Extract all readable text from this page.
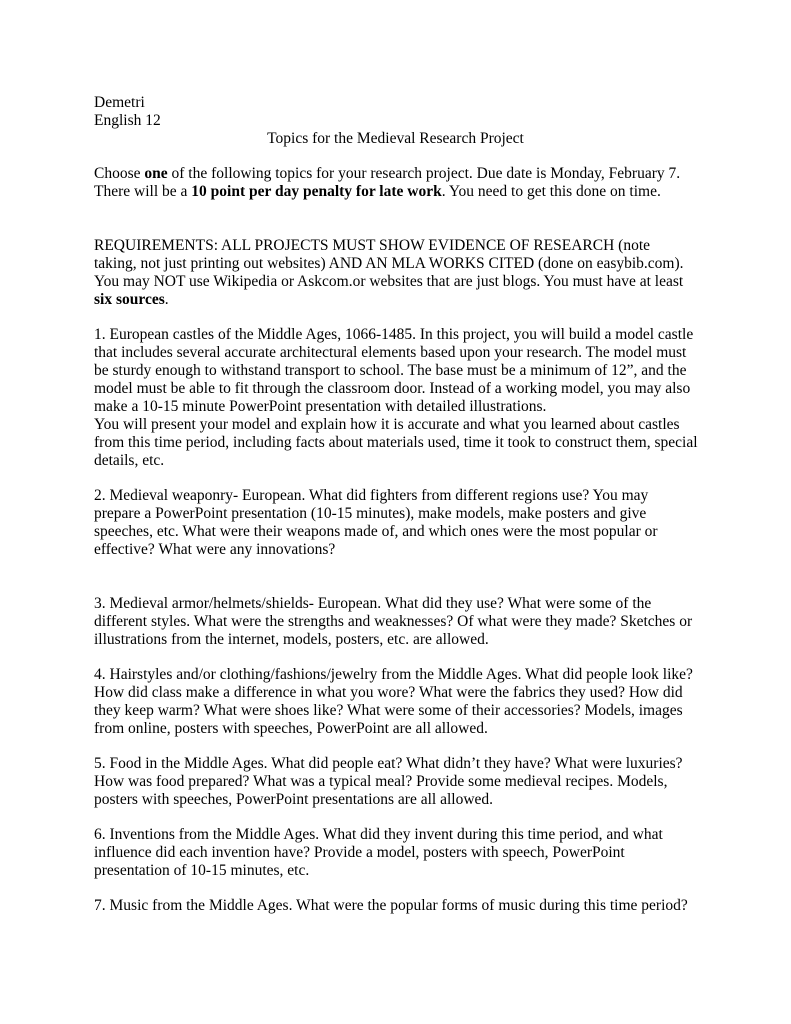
Demetri

English 12

Topics for the Medieval Research Project

Choose one of the following topics for your research project. Due date is Monday, February 7.
There will be a 10 point per day penalty for late work. You need to get this done on time.

REQUIREMENTS: ALL PROJECTS MUST SHOW EVIDENCE OF RESEARCH (note
taking, not just printing out websites) AND AN MLA WORKS CITED (done on easybib.com).
You may NOT use Wikipedia or Askcom.or websites that are just blogs. You must have at least
six sources.

1. European castles of the Middle Ages, 1066-1485. In this project, you will build a model castle
that includes several accurate architectural elements based upon your research. The model must
be sturdy enough to withstand transport to school. The base must be a minimum of 12”, and the
model must be able to fit through the classroom door. Instead of a working model, you may also
make a 10-15 minute PowerPoint presentation with detailed illustrations.
You will present your model and explain how it is accurate and what you learned about castles
from this time period, including facts about materials used, time it took to construct them, special
details, etc.

2. Medieval weaponry- European. What did fighters from different regions use? You may
prepare a PowerPoint presentation (10-15 minutes), make models, make posters and give
speeches, etc. What were their weapons made of, and which ones were the most popular or
effective? What were any innovations?

3. Medieval armor/helmets/shields- European. What did they use? What were some of the
different styles. What were the strengths and weaknesses? Of what were they made? Sketches or
illustrations from the internet, models, posters, etc. are allowed.

4. Hairstyles and/or clothing/fashions/jewelry from the Middle Ages. What did people look like?
How did class make a difference in what you wore? What were the fabrics they used? How did
they keep warm? What were shoes like? What were some of their accessories? Models, images
from online, posters with speeches, PowerPoint are all allowed.

5. Food in the Middle Ages. What did people eat? What didn’t they have? What were luxuries?
How was food prepared? What was a typical meal? Provide some medieval recipes. Models,
posters with speeches, PowerPoint presentations are all allowed.

6. Inventions from the Middle Ages. What did they invent during this time period, and what
influence did each invention have? Provide a model, posters with speech, PowerPoint
presentation of 10-15 minutes, etc.

7. Music from the Middle Ages. What were the popular forms of music during this time period?
